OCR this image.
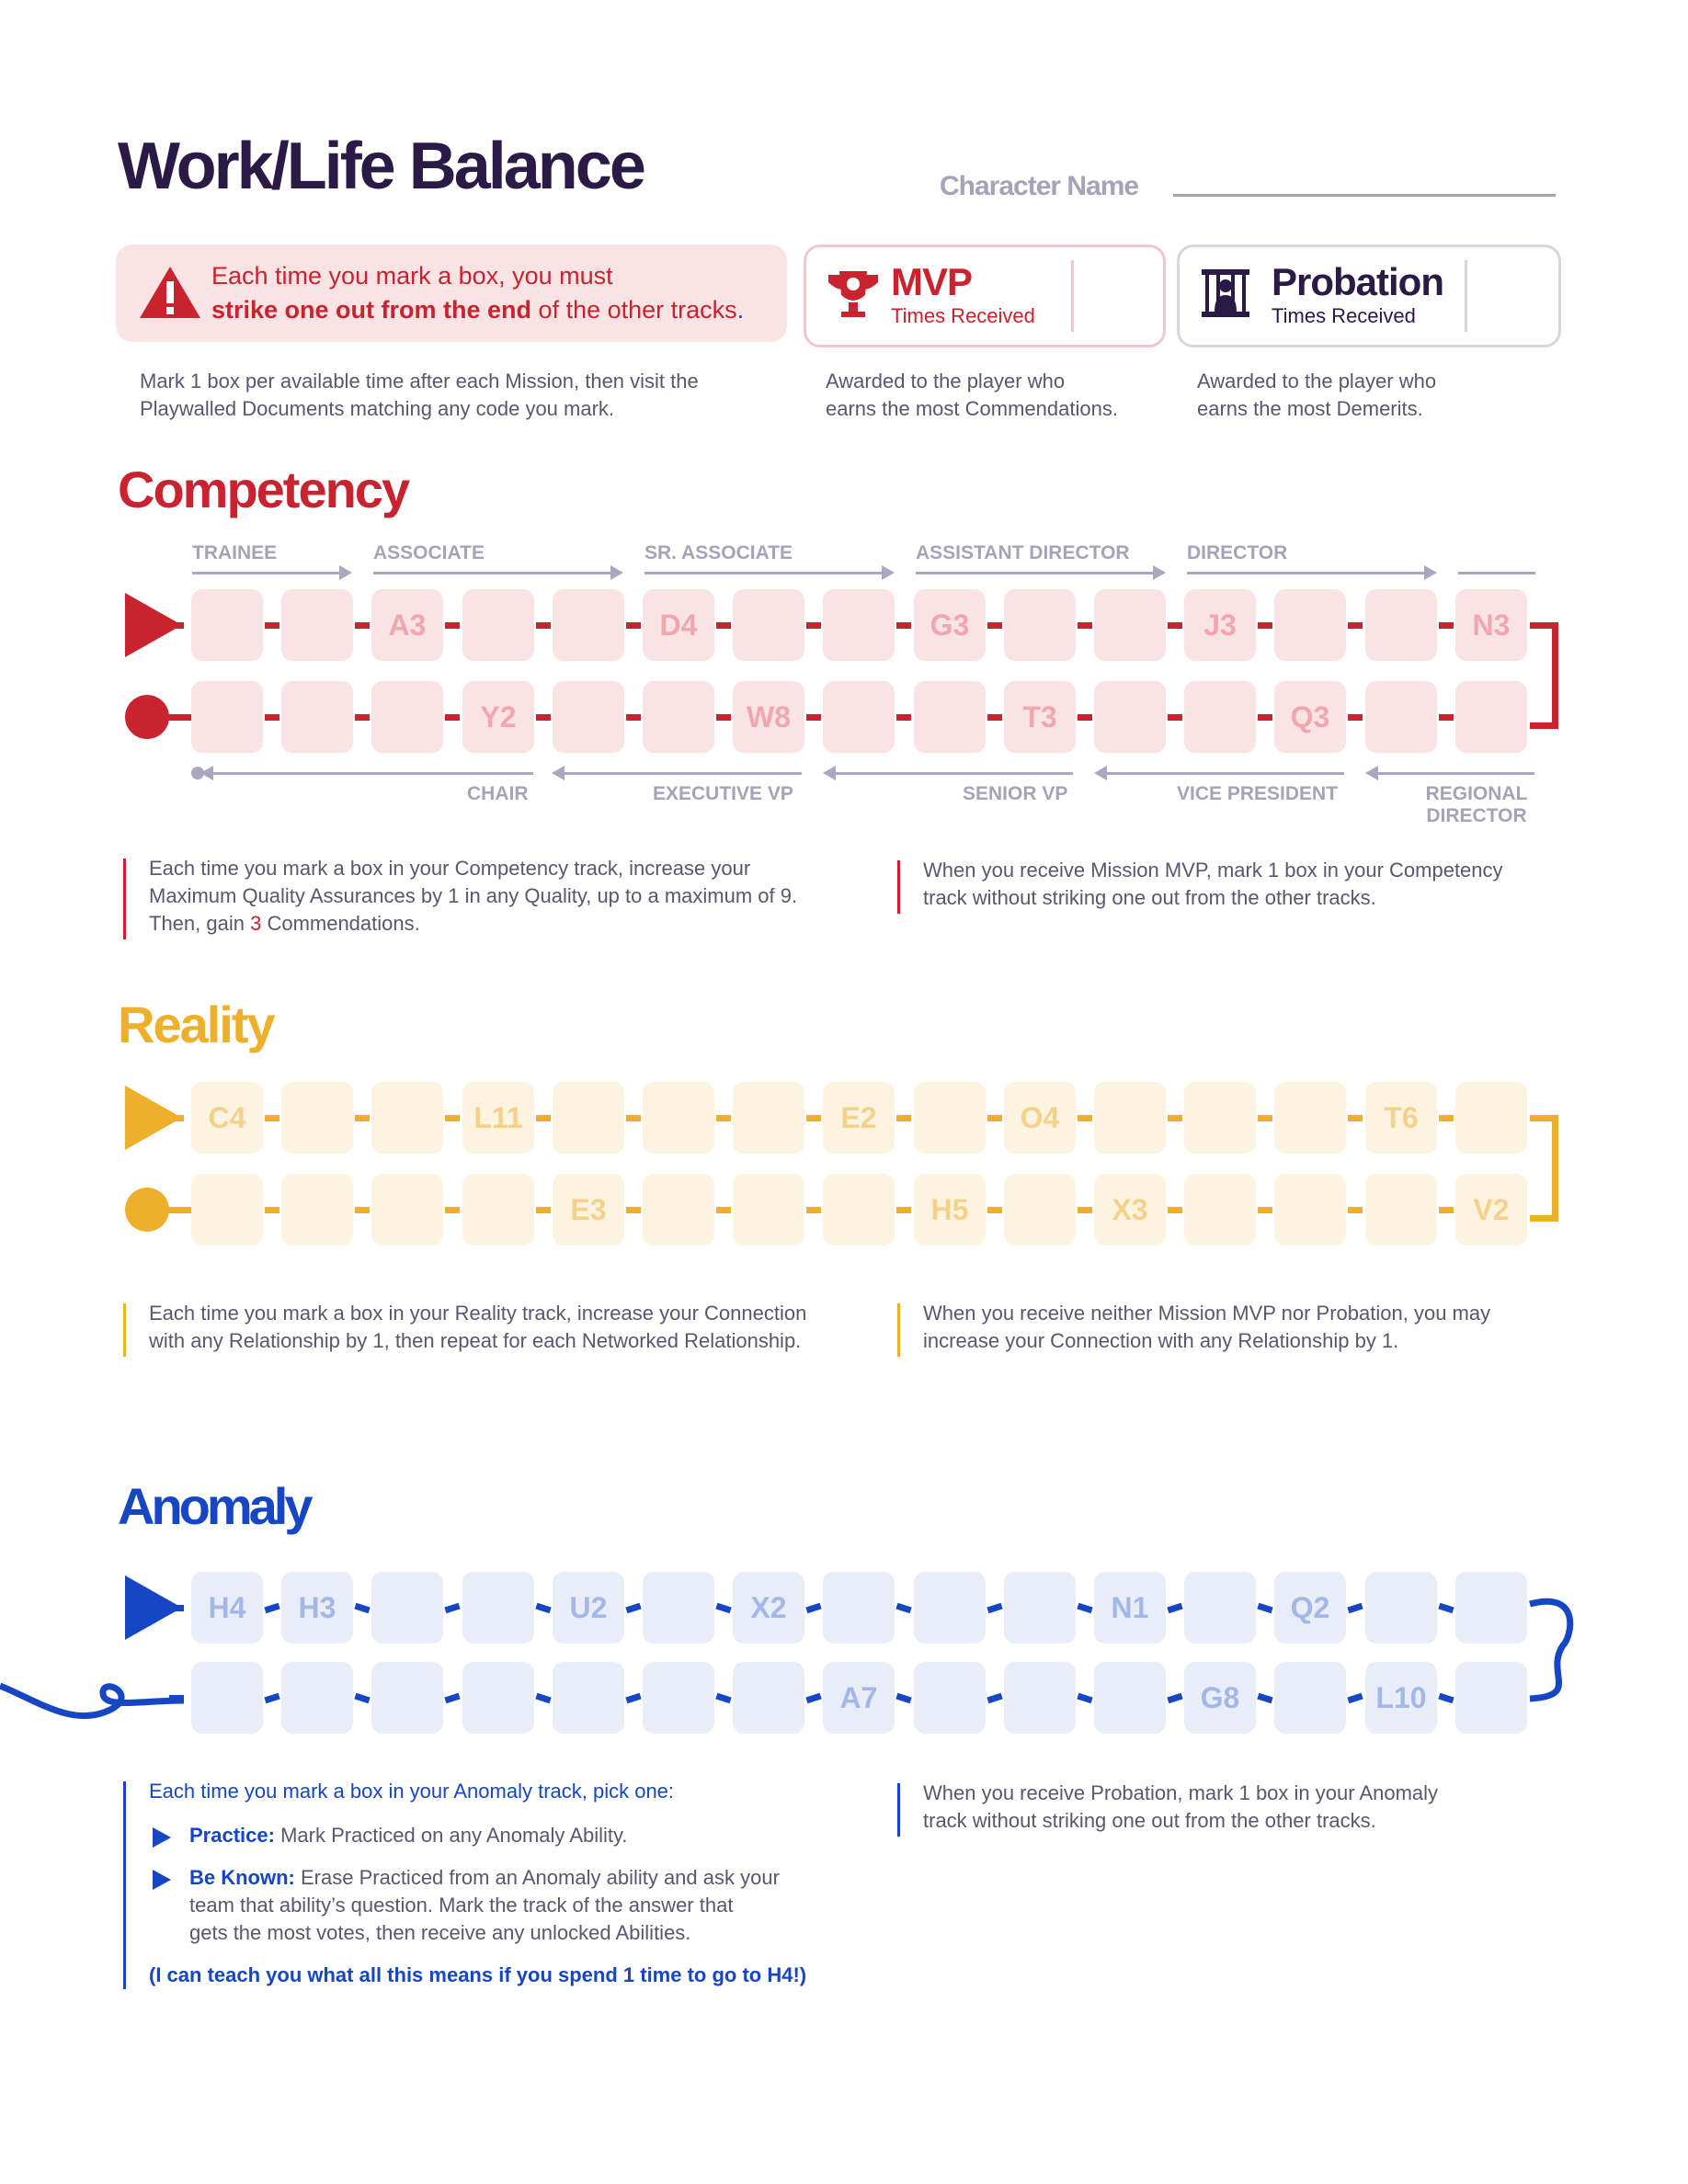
Work/Life Balance	Character Name
Each time you mark a box, you must
strike one out from the end of the other tracks.
MVP
Times Received
Awarded to the player who
earns the most Commendations.
Probation
Times Received
Awarded to the player who
earns the most Demerits.
Mark 1 box per available time after each Mission, then visit the
Playwalled Documents matching any code you mark.
Competency
TRAINEE	ASSOCIATE	SR. ASSOCIATE	ASSISTANT DIRECTOR	DIRECTOR
A3	D4	G3	J3	N3
Y2	W8	T3	Q3
CHAIR	EXECUTIVE VP	SENIOR VP	VICE PRESIDENT	REGIONAL
DIRECTOR
Each time you mark a box in your Competency track, increase your
Maximum Quality Assurances by 1 in any Quality, up to a maximum of 9.
Then, gain 3 Commendations.
When you receive Mission MVP, mark 1 box in your Competency
track without striking one out from the other tracks.
Reality
C4	L11	E2	O4	T6
E3	H5	X3	V2
Each time you mark a box in your Reality track, increase your Connection
with any Relationship by 1, then repeat for each Networked Relationship.
When you receive neither Mission MVP nor Probation, you may
increase your Connection with any Relationship by 1.
Anomaly
H4	H3	U2	X2	N1	Q2
A7	G8	L10
Each time you mark a box in your Anomaly track, pick one:
Practice: Mark Practiced on any Anomaly Ability.
Be Known: Erase Practiced from an Anomaly ability and ask your
team that ability’s question. Mark the track of the answer that
gets the most votes, then receive any unlocked Abilities.
(I can teach you what all this means if you spend 1 time to go to H4!)
When you receive Probation, mark 1 box in your Anomaly
track without striking one out from the other tracks.
